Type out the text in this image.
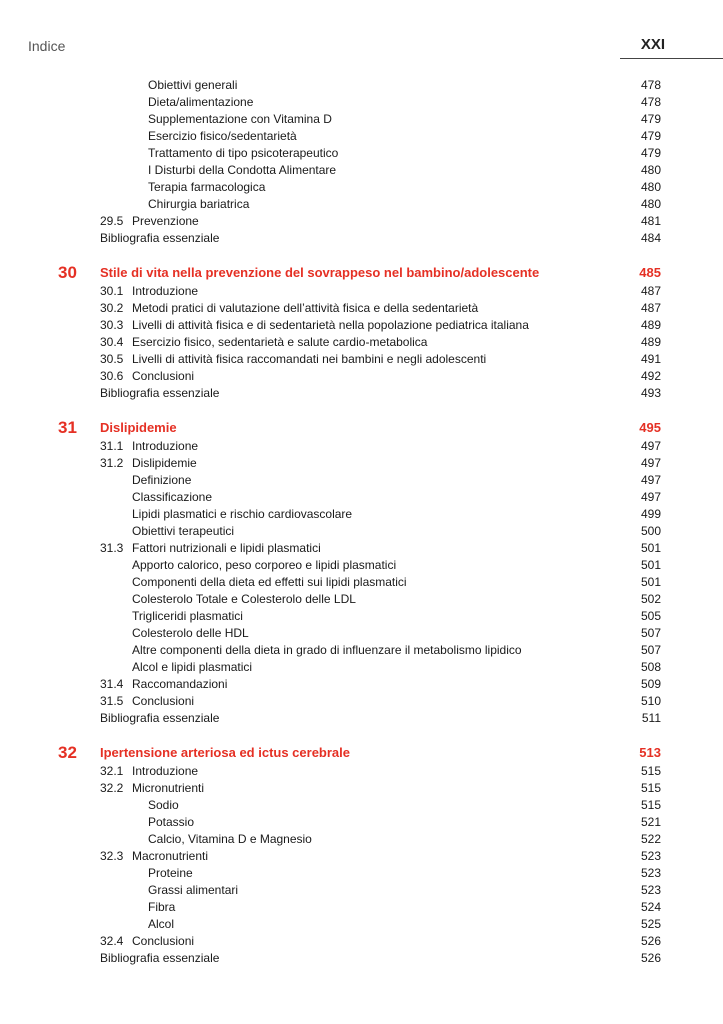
Indice	XXI
Obiettivi generali	478
Dieta/alimentazione	478
Supplementazione con Vitamina D	479
Esercizio fisico/sedentarietà	479
Trattamento di tipo psicoterapeutico	479
I Disturbi della Condotta Alimentare	480
Terapia farmacologica	480
Chirurgia bariatrica	480
29.5 Prevenzione	481
Bibliografia essenziale	484
30 Stile di vita nella prevenzione del sovrappeso nel bambino/adolescente	485
30.1 Introduzione	487
30.2 Metodi pratici di valutazione dell’attività fisica e della sedentarietà	487
30.3 Livelli di attività fisica e di sedentarietà nella popolazione pediatrica italiana	489
30.4 Esercizio fisico, sedentarietà e salute cardio-metabolica	489
30.5 Livelli di attività fisica raccomandati nei bambini e negli adolescenti	491
30.6 Conclusioni	492
Bibliografia essenziale	493
31 Dislipidemie	495
31.1 Introduzione	497
31.2 Dislipidemie	497
Definizione	497
Classificazione	497
Lipidi plasmatici e rischio cardiovascolare	499
Obiettivi terapeutici	500
31.3 Fattori nutrizionali e lipidi plasmatici	501
Apporto calorico, peso corporeo e lipidi plasmatici	501
Componenti della dieta ed effetti sui lipidi plasmatici	501
Colesterolo Totale e Colesterolo delle LDL	502
Trigliceridi plasmatici	505
Colesterolo delle HDL	507
Altre componenti della dieta in grado di influenzare il metabolismo lipidico	507
Alcol e lipidi plasmatici	508
31.4 Raccomandazioni	509
31.5 Conclusioni	510
Bibliografia essenziale	511
32 Ipertensione arteriosa ed ictus cerebrale	513
32.1 Introduzione	515
32.2 Micronutrienti	515
Sodio	515
Potassio	521
Calcio, Vitamina D e Magnesio	522
32.3 Macronutrienti	523
Proteine	523
Grassi alimentari	523
Fibra	524
Alcol	525
32.4 Conclusioni	526
Bibliografia essenziale	526
